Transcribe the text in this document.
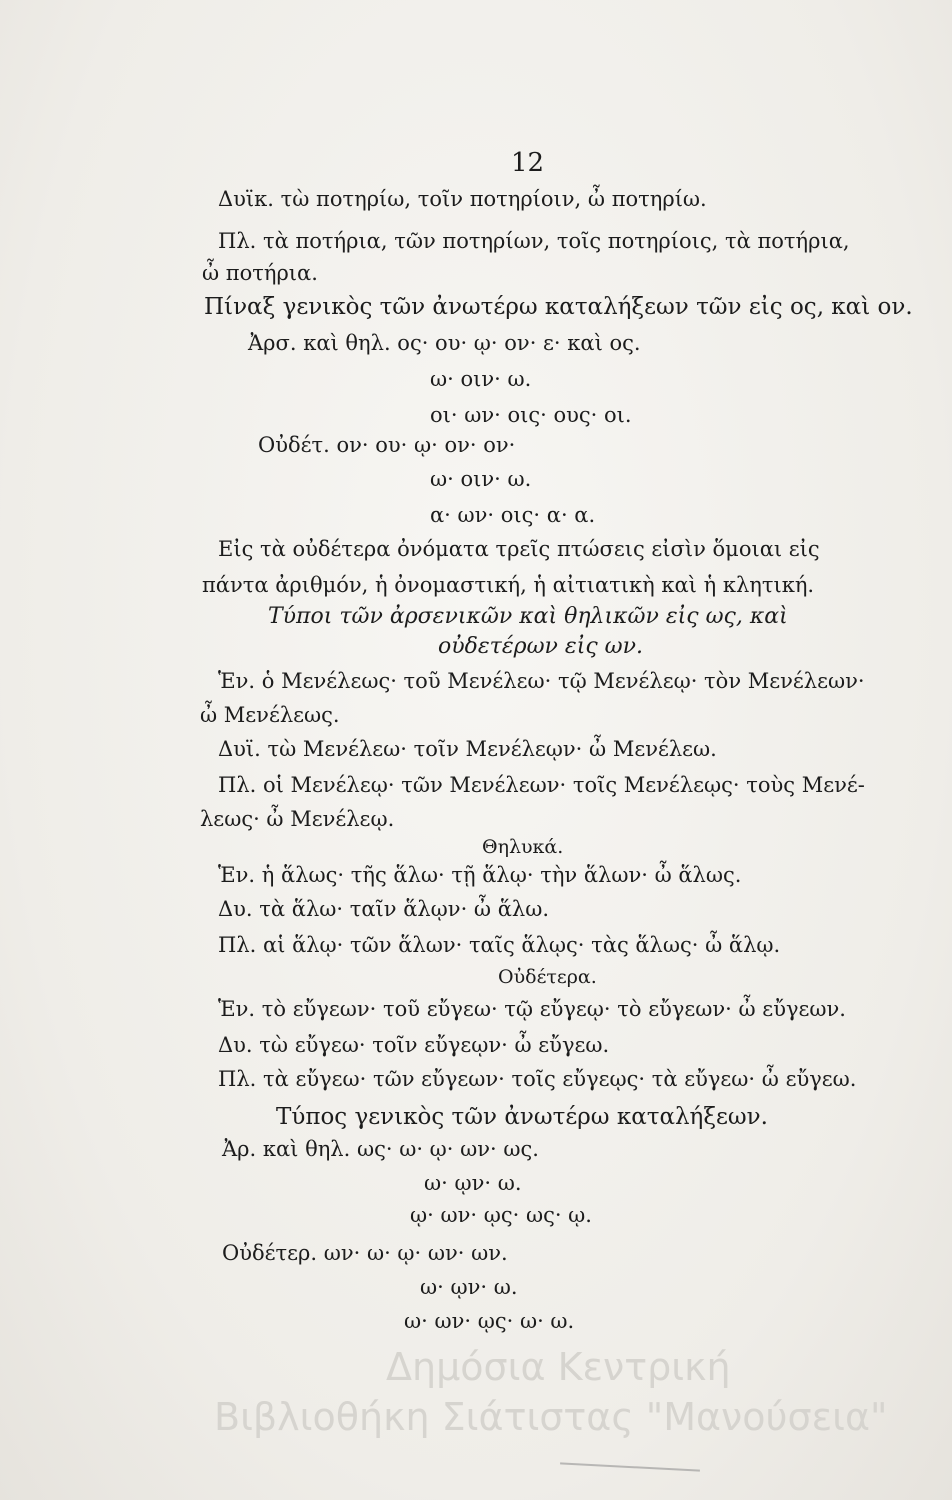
12
Δυϊκ. τὼ ποτηρίω, τοῖν ποτηρίοιν, ὦ ποτηρίω.
Πλ. τὰ ποτήρια, τῶν ποτηρίων, τοῖς ποτηρίοις, τὰ ποτήρια,
ὦ ποτήρια.
Πίναξ γενικὸς τῶν ἀνωτέρω καταλήξεων τῶν εἰς ος, καὶ ον.
Ἀρσ. καὶ θηλ. ος· ου· ῳ· ον· ε· καὶ ος.
ω· οιν· ω.
οι· ων· οις· ους· οι.
Οὐδέτ. ον· ου· ῳ· ον· ον·
ω· οιν· ω.
α· ων· οις· α· α.
Εἰς τὰ οὐδέτερα ὀνόματα τρεῖς πτώσεις εἰσὶν ὅμοιαι εἰς
πάντα ἀριθμόν, ἡ ὀνομαστική, ἡ αἰτιατικὴ καὶ ἡ κλητική.
Τύποι τῶν ἀρσενικῶν καὶ θηλικῶν εἰς ως, καὶ
οὐδετέρων εἰς ων.
Ἑν. ὁ Μενέλεως· τοῦ Μενέλεω· τῷ Μενέλεῳ· τὸν Μενέλεων·
ὦ Μενέλεως.
Δυϊ. τὼ Μενέλεω· τοῖν Μενέλεῳν· ὦ Μενέλεω.
Πλ. οἱ Μενέλεῳ· τῶν Μενέλεων· τοῖς Μενέλεῳς· τοὺς Μενέ-
λεως· ὦ Μενέλεῳ.
Θηλυκά.
Ἑν. ἡ ἅλως· τῆς ἅλω· τῇ ἅλῳ· τὴν ἅλων· ὦ ἅλως.
Δυ. τὰ ἅλω· ταῖν ἅλῳν· ὦ ἅλω.
Πλ. αἱ ἅλῳ· τῶν ἅλων· ταῖς ἅλῳς· τὰς ἅλως· ὦ ἅλῳ.
Οὐδέτερα.
Ἑν. τὸ εὔγεων· τοῦ εὔγεω· τῷ εὔγεῳ· τὸ εὔγεων· ὦ εὔγεων.
Δυ. τὼ εὔγεω· τοῖν εὔγεῳν· ὦ εὔγεω.
Πλ. τὰ εὔγεω· τῶν εὔγεων· τοῖς εὔγεῳς· τὰ εὔγεω· ὦ εὔγεω.
Τύπος γενικὸς τῶν ἀνωτέρω καταλήξεων.
Ἀρ. καὶ θηλ. ως· ω· ῳ· ων· ως.
ω· ῳν· ω.
ῳ· ων· ῳς· ως· ῳ.
Οὐδέτερ. ων· ω· ῳ· ων· ων.
ω· ῳν· ω.
ω· ων· ῳς· ω· ω.
Δημόσια Κεντρική
Βιβλιοθήκη Σιάτιστας "Μανούσεια"
